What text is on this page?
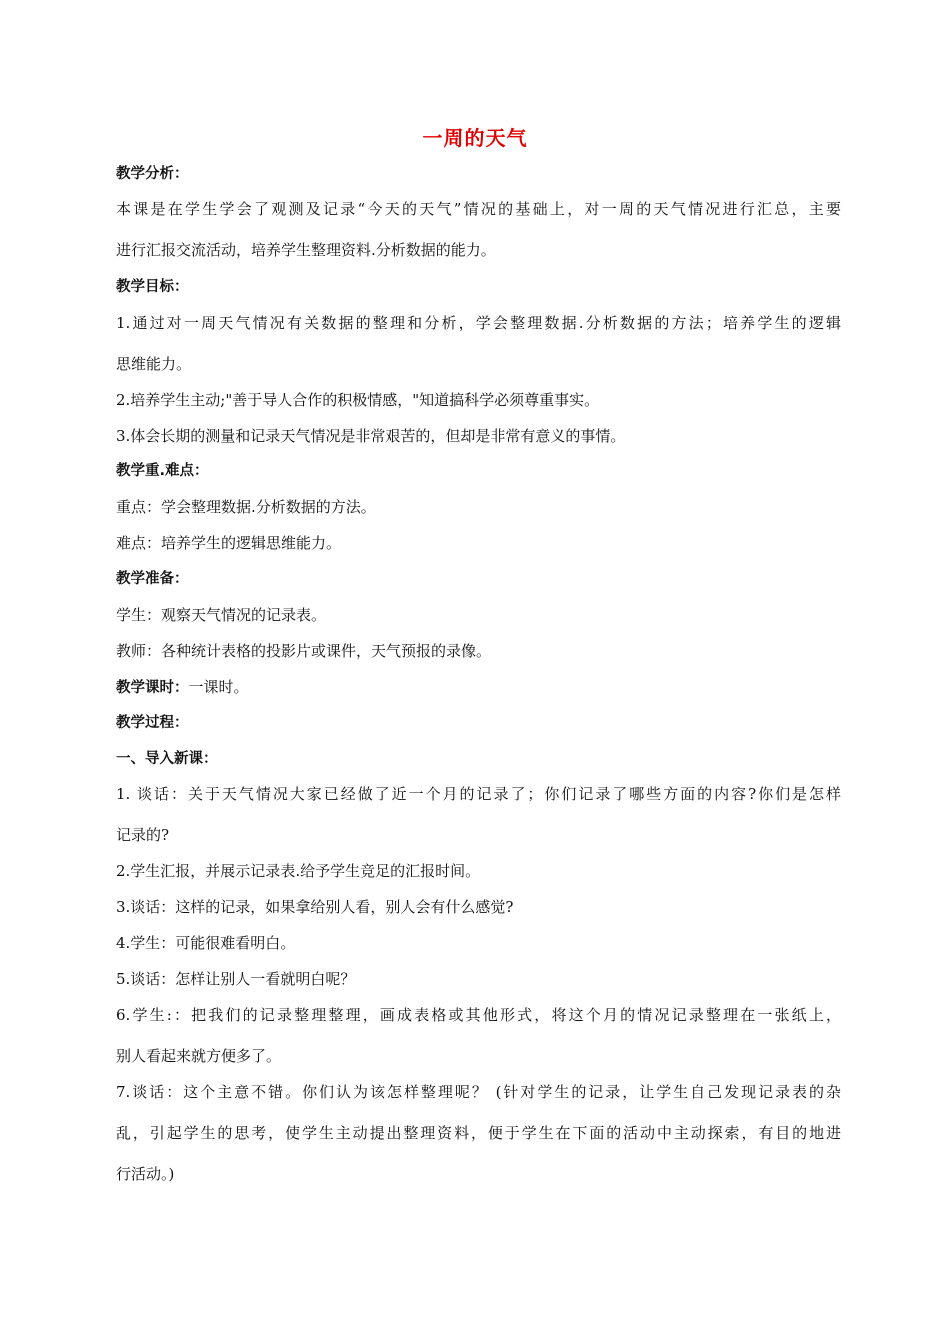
一周的天气
教学分析：
本课是在学生学会了观测及记录“今天的天气”情况的基础上，对一周的天气情况进行汇总，主要
进行汇报交流活动，培养学生整理资料.分析数据的能力。
教学目标：
1.通过对一周天气情况有关数据的整理和分析，学会整理数据.分析数据的方法；培养学生的逻辑
思维能力。
2.培养学生主动;"善于导人合作的积极情感，"知道搞科学必须尊重事实。
3.体会长期的测量和记录天气情况是非常艰苦的，但却是非常有意义的事情。
教学重.难点：
重点：学会整理数据.分析数据的方法。
难点：培养学生的逻辑思维能力。
教学准备：
学生：观察天气情况的记录表。
教师：各种统计表格的投影片或课件，天气预报的录像。
教学课时：一课时。
教学过程：
一、导入新课：
1. 谈话：关于天气情况大家已经做了近一个月的记录了；你们记录了哪些方面的内容?你们是怎样
记录的?
2.学生汇报，并展示记录表.给予学生竞足的汇报时间。
3.谈话：这样的记录，如果拿给别人看，别人会有什么感觉?
4.学生：可能很难看明白。
5.谈话：怎样让别人一看就明白呢？
6.学生:：把我们的记录整理整理，画成表格或其他形式，将这个月的情况记录整理在一张纸上，
别人看起来就方便多了。
7.谈话：这个主意不错。你们认为该怎样整理呢？ (针对学生的记录，让学生自己发现记录表的杂
乱，引起学生的思考，使学生主动提出整理资料，便于学生在下面的活动中主动探索，有目的地进
行活动。)
